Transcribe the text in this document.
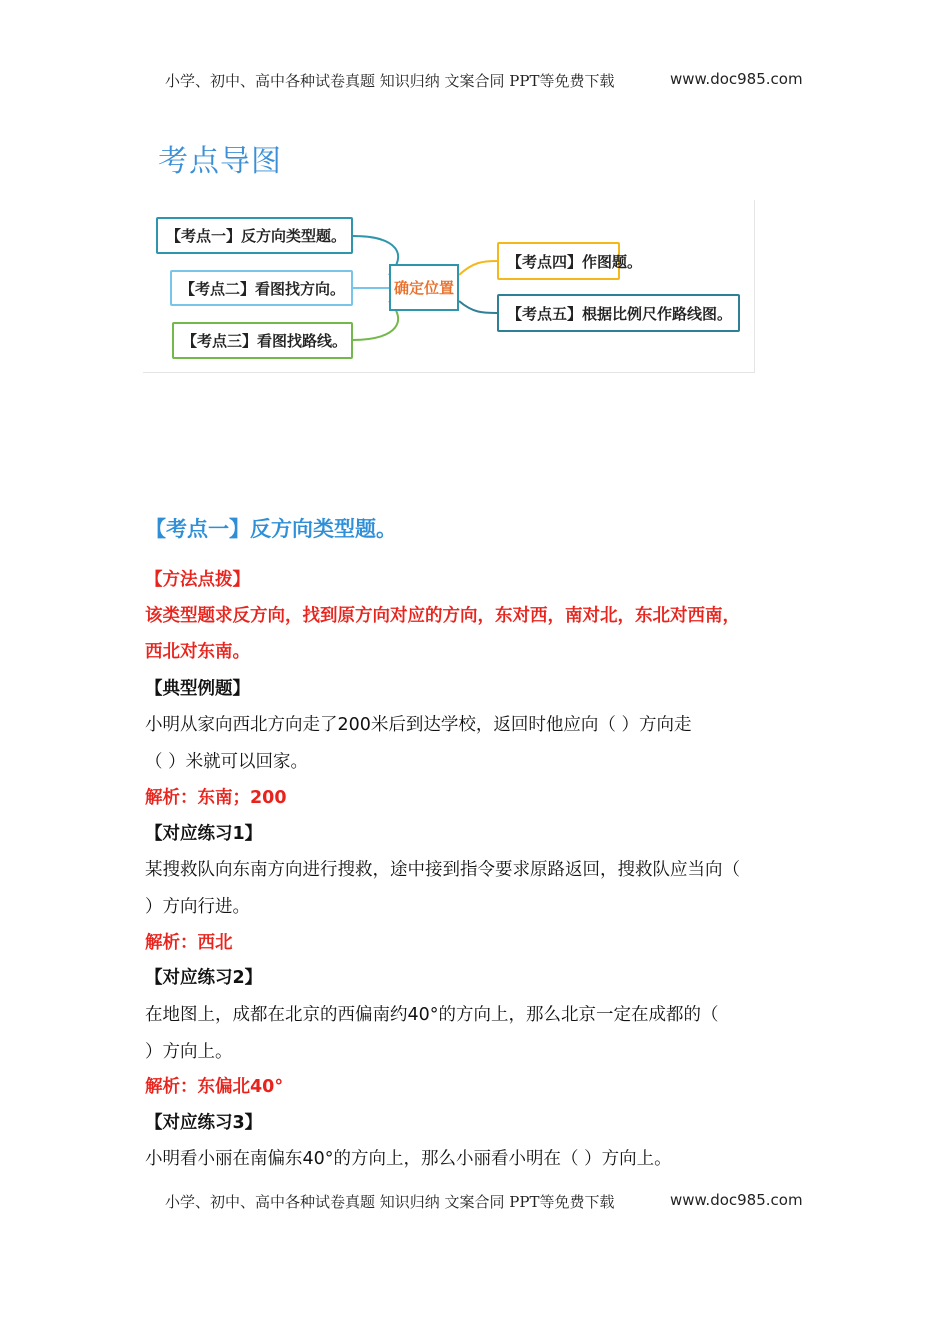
小学、初中、高中各种试卷真题 知识归纳 文案合同 PPT等免费下载	www.doc985.com
考点导图
【考点一】反方向类型题。
【考点二】看图找方向。
【考点三】看图找路线。
确定位置
【考点四】作图题。
【考点五】根据比例尺作路线图。
【考点一】反方向类型题。
【方法点拨】
该类型题求反方向，找到原方向对应的方向，东对西，南对北，东北对西南，
西北对东南。
【典型例题】
小明从家向西北方向走了200米后到达学校，返回时他应向（ ）方向走
（ ）米就可以回家。
解析：东南；200
【对应练习1】
某搜救队向东南方向进行搜救，途中接到指令要求原路返回，搜救队应当向（
）方向行进。
解析：西北
【对应练习2】
在地图上，成都在北京的西偏南约40°的方向上，那么北京一定在成都的（
）方向上。
解析：东偏北40°
【对应练习3】
小明看小丽在南偏东40°的方向上，那么小丽看小明在（ ）方向上。
小学、初中、高中各种试卷真题 知识归纳 文案合同 PPT等免费下载	www.doc985.com
